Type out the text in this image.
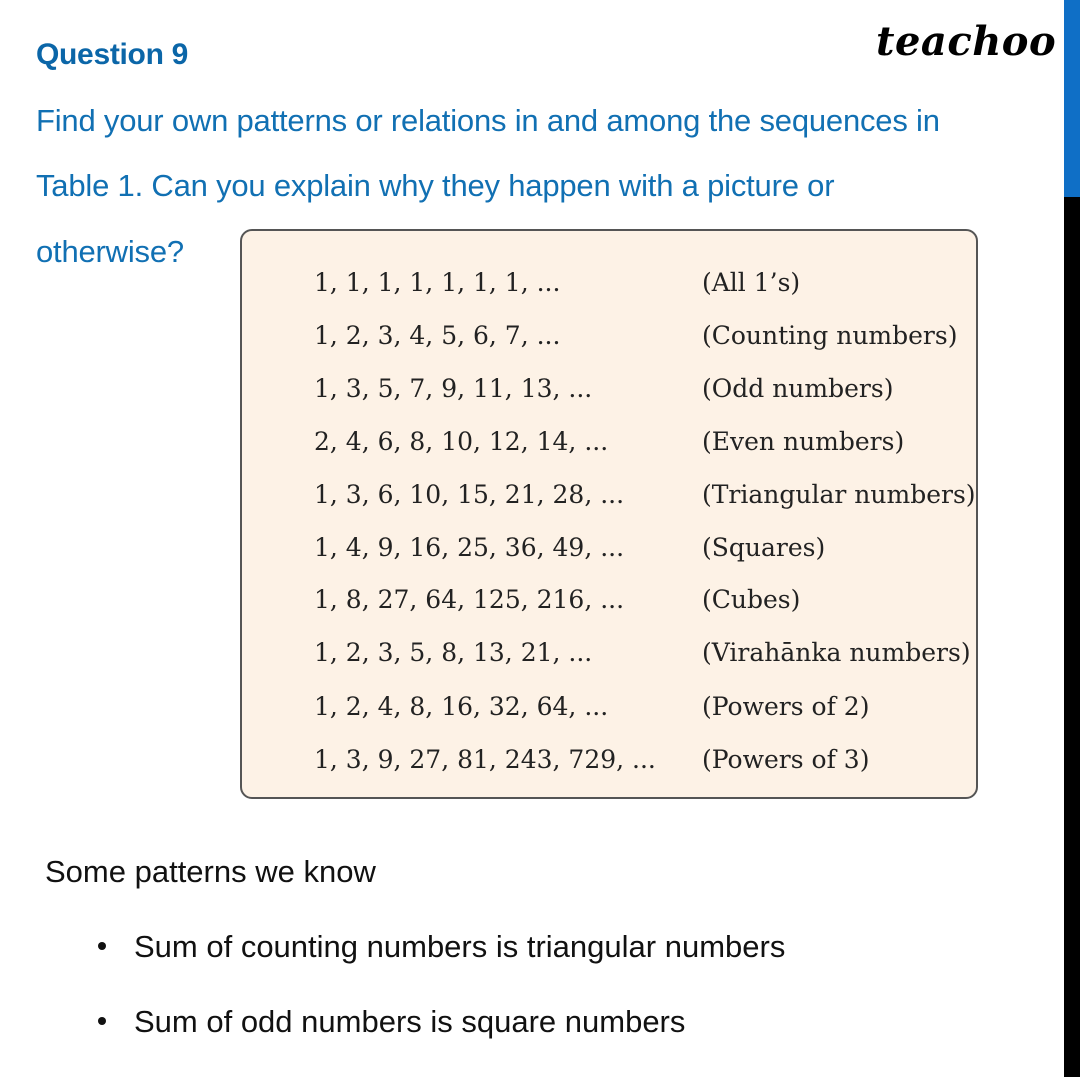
Question 9	teachoo
Find your own patterns or relations in and among the sequences in
Table 1. Can you explain why they happen with a picture or
otherwise?
1, 1, 1, 1, 1, 1, 1, ...	(All 1’s)
1, 2, 3, 4, 5, 6, 7, ...	(Counting numbers)
1, 3, 5, 7, 9, 11, 13, ...	(Odd numbers)
2, 4, 6, 8, 10, 12, 14, ...	(Even numbers)
1, 3, 6, 10, 15, 21, 28, ...	(Triangular numbers)
1, 4, 9, 16, 25, 36, 49, ...	(Squares)
1, 8, 27, 64, 125, 216, ...	(Cubes)
1, 2, 3, 5, 8, 13, 21, ...	(Virahānka numbers)
1, 2, 4, 8, 16, 32, 64, ...	(Powers of 2)
1, 3, 9, 27, 81, 243, 729, ... (Powers of 3)
Some patterns we know
Sum of counting numbers is triangular numbers
Sum of odd numbers is square numbers
